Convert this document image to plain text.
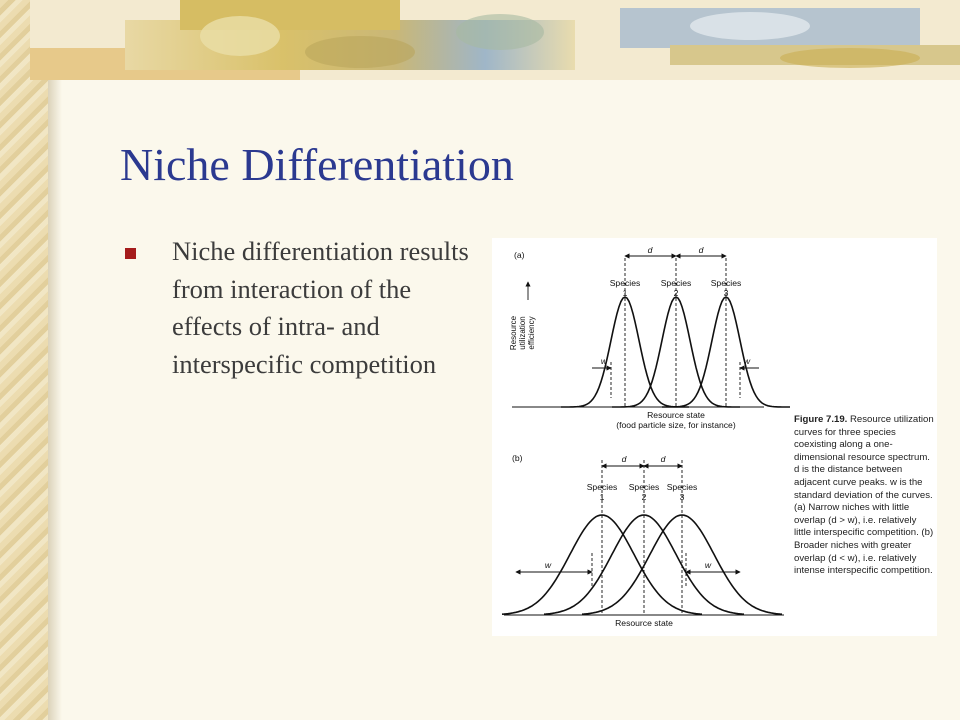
Niche Differentiation

Niche differentiation results from interaction of the effects of intra- and interspecific competition

(a)
Resource utilization efficiency
Species
1
Species
2
Species
3
d	d
w	w
Resource state
(food particle size, for instance)
(b)
Species
1
Species
2
Species
3
d	d
w	w
Resource state

Figure 7.19. Resource utilization curves for three species coexisting along a one-dimensional resource spectrum. d is the distance between adjacent curve peaks. w is the standard deviation of the curves. (a) Narrow niches with little overlap (d > w), i.e. relatively little interspecific competition. (b) Broader niches with greater overlap (d < w), i.e. relatively intense interspecific competition.
